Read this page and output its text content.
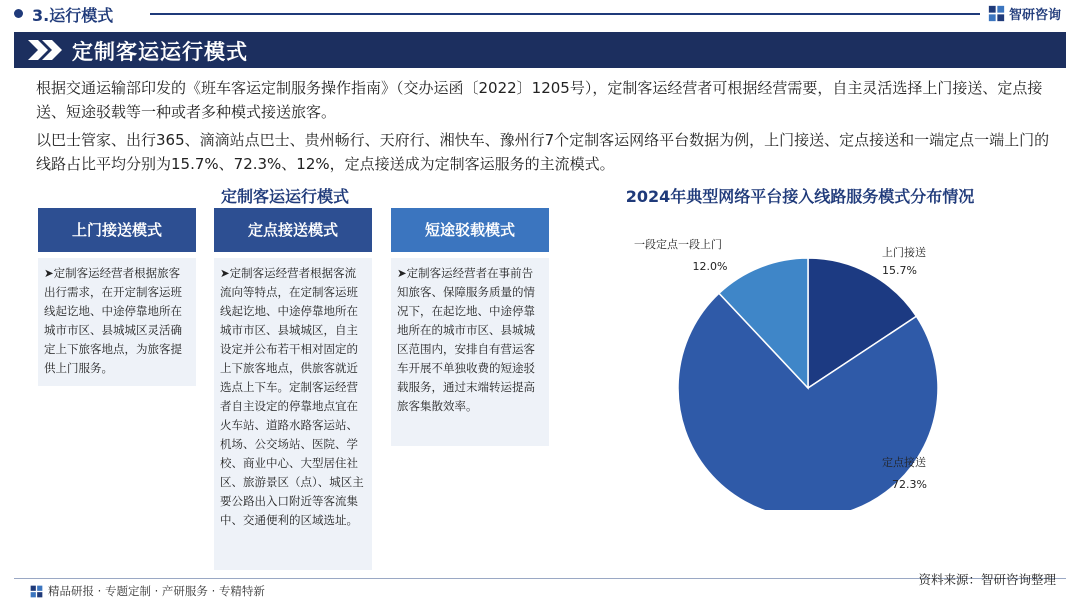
3.运行模式	智研咨询
定制客运运行模式

根据交通运输部印发的《班车客运定制服务操作指南》（交办运函〔2022〕1205号），定制客运经营者可根据经营需要，自主灵活选择上门接送、定点接送、短途驳载等一种或者多种模式接送旅客。

以巴士管家、出行365、滴滴站点巴士、贵州畅行、天府行、湘快车、豫州行7个定制客运网络平台数据为例，上门接送、定点接送和一端定点一端上门的线路占比平均分别为15.7%、72.3%、12%，定点接送成为定制客运服务的主流模式。

定制客运运行模式
上门接送模式
➤定制客运经营者根据旅客出行需求，在开定制客运班线起讫地、中途停靠地所在城市市区、县城城区灵活确定上下旅客地点，为旅客提供上门服务。
定点接送模式
➤定制客运经营者根据客流流向等特点，在定制客运班线起讫地、中途停靠地所在城市市区、县城城区，自主设定并公布若干相对固定的上下旅客地点，供旅客就近选点上下车。定制客运经营者自主设定的停靠地点宜在火车站、道路水路客运站、机场、公交场站、医院、学校、商业中心、大型居住社区、旅游景区（点）、城区主要公路出入口附近等客流集中、交通便利的区域选址。
短途驳载模式
➤定制客运经营者在事前告知旅客、保障服务质量的情况下，在起讫地、中途停靠地所在的城市市区、县城城区范围内，安排自有营运客车开展不单独收费的短途驳载服务，通过末端转运提高旅客集散效率。
2024年典型网络平台接入线路服务模式分布情况
上门接送
15.7%
定点接送
72.3%
一段定点一段上门
12.0%
精品研报 · 专题定制 · 产研服务 · 专精特新
资料来源：智研咨询整理
